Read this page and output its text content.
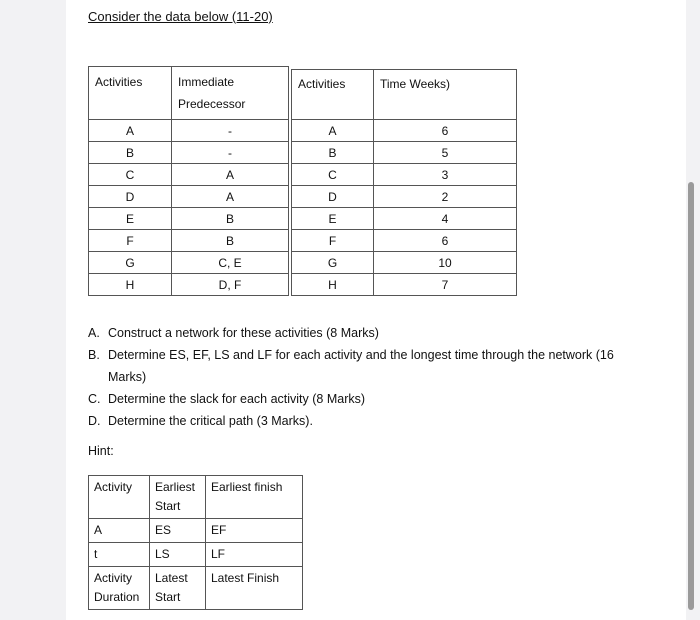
Consider the data below (11-20)
Activities	Immediate
Predecessor
A	-
B	-
C	A
D	A
E	B
F	B
G	C, E
H	D, F
Activities	Time Weeks)
A	6
B	5
C	3
D	2
E	4
F	6
G	10
H	7
A. Construct a network for these activities (8 Marks)
B. Determine ES, EF, LS and LF for each activity and the longest time through the network (16 Marks)
C. Determine the slack for each activity (8 Marks)
D. Determine the critical path (3 Marks).
Hint:
Activity	Earliest Start	Earliest finish
A	ES	EF
t	LS	LF
Activity Duration	Latest Start	Latest Finish
